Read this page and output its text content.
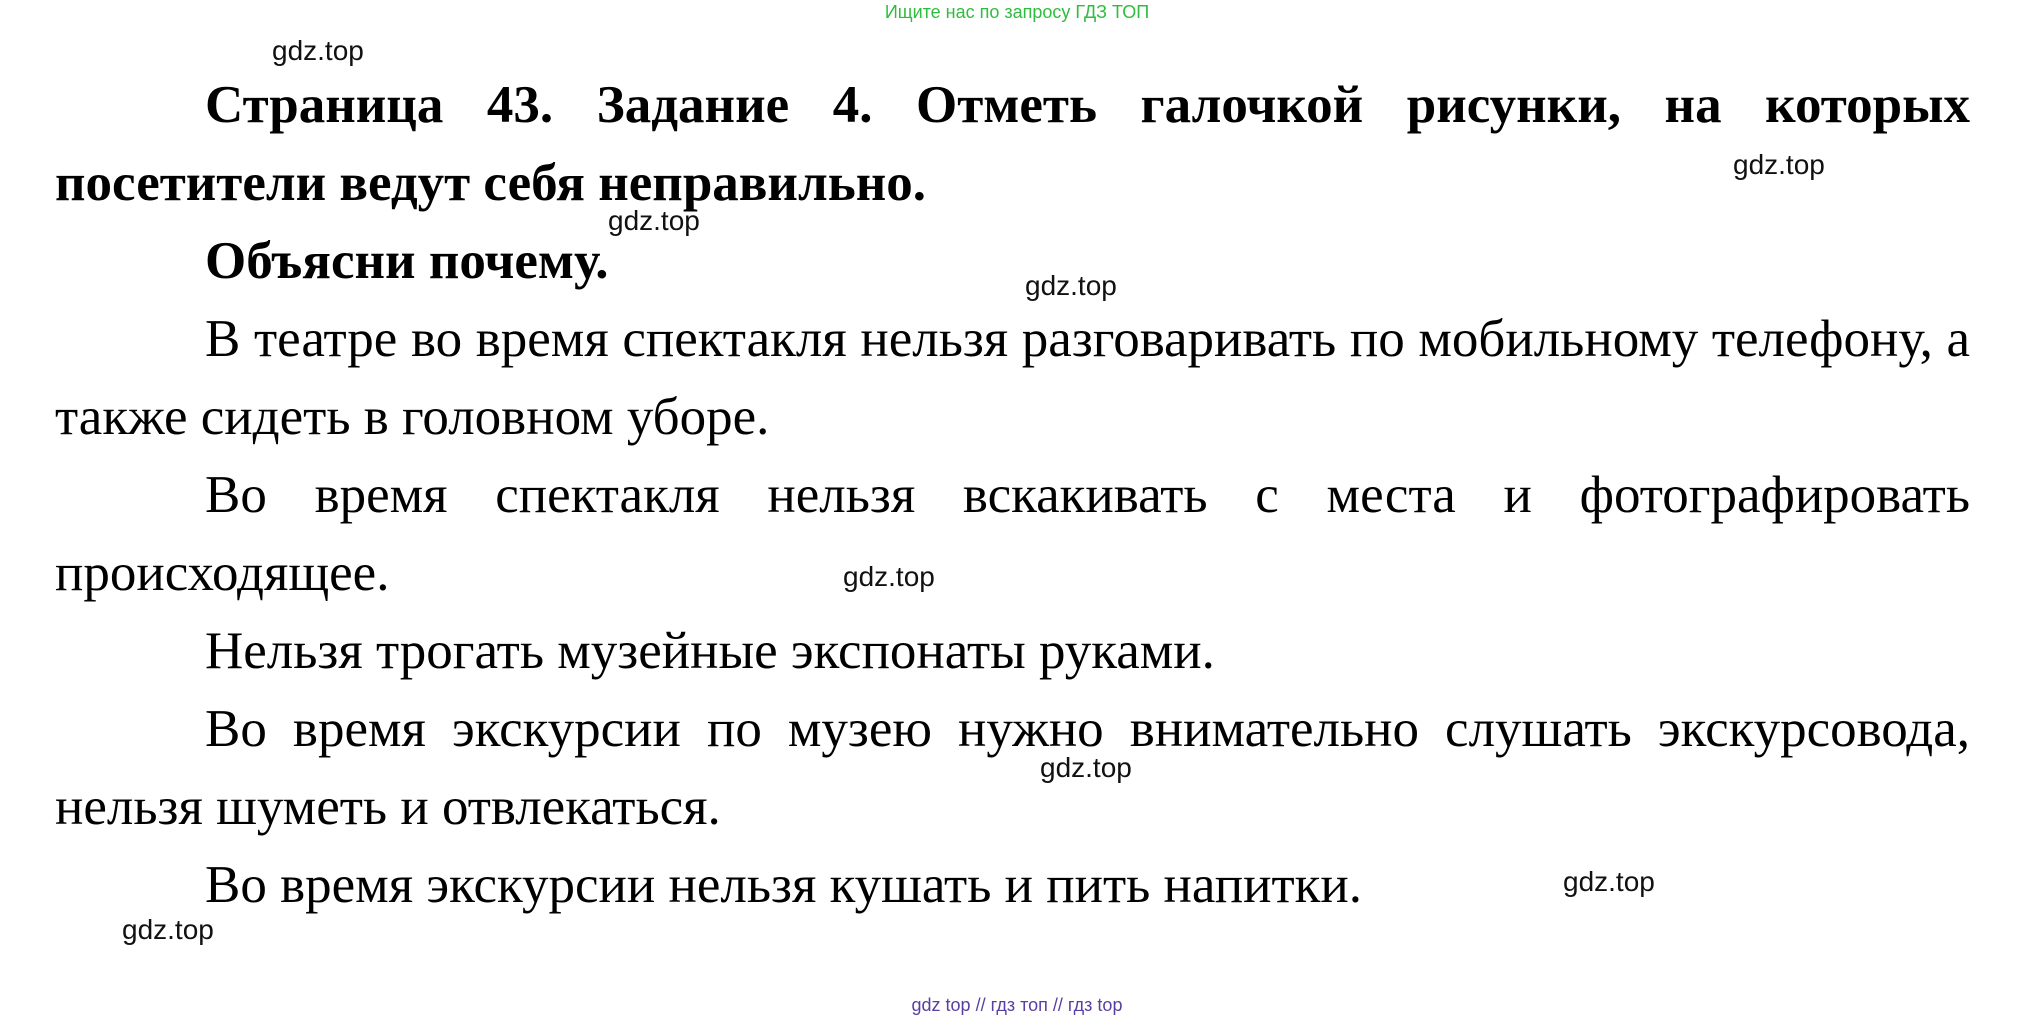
Ищите нас по запросу ГДЗ ТОП

Страница 43. Задание 4. Отметь галочкой рисунки, на которых посетители ведут себя неправильно.

Объясни почему.

В театре во время спектакля нельзя разговаривать по мобильному телефону, а также сидеть в головном уборе.

Во время спектакля нельзя вскакивать с места и фотографировать происходящее.

Нельзя трогать музейные экспонаты руками.

Во время экскурсии по музею нужно внимательно слушать экскурсовода, нельзя шуметь и отвлекаться.

Во время экскурсии нельзя кушать и пить напитки.

gdz.top
gdz.top
gdz.top
gdz.top
gdz.top
gdz.top
gdz.top
gdz.top
gdz top // гдз топ // гдз top
